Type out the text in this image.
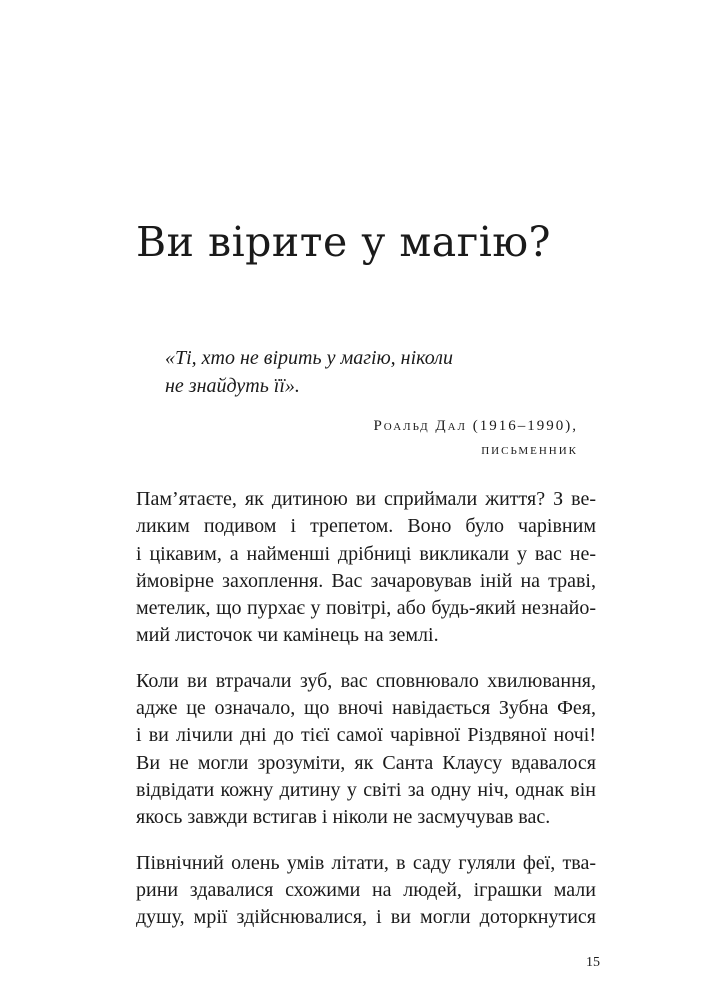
Ви вірите у магію?

«Ті, хто не вірить у магію, ніколи
не знайдуть її».

Роальд Дал (1916–1990),
письменник

Пам’ятаєте, як дитиною ви сприймали життя? З ве-
ликим подивом і трепетом. Воно було чарівним
і цікавим, а найменші дрібниці викликали у вас не-
ймовірне захоплення. Вас зачаровував іній на траві,
метелик, що пурхає у повітрі, або будь-який незнайо-
мий листочок чи камінець на землі.

Коли ви втрачали зуб, вас сповнювало хвилювання,
адже це означало, що вночі навідається Зубна Фея,
і ви лічили дні до тієї самої чарівної Різдвяної ночі!
Ви не могли зрозуміти, як Санта Клаусу вдавалося
відвідати кожну дитину у світі за одну ніч, однак він
якось завжди встигав і ніколи не засмучував вас.

Північний олень умів літати, в саду гуляли феї, тва-
рини здавалися схожими на людей, іграшки мали
душу, мрії здійснювалися, і ви могли доторкнутися

15
